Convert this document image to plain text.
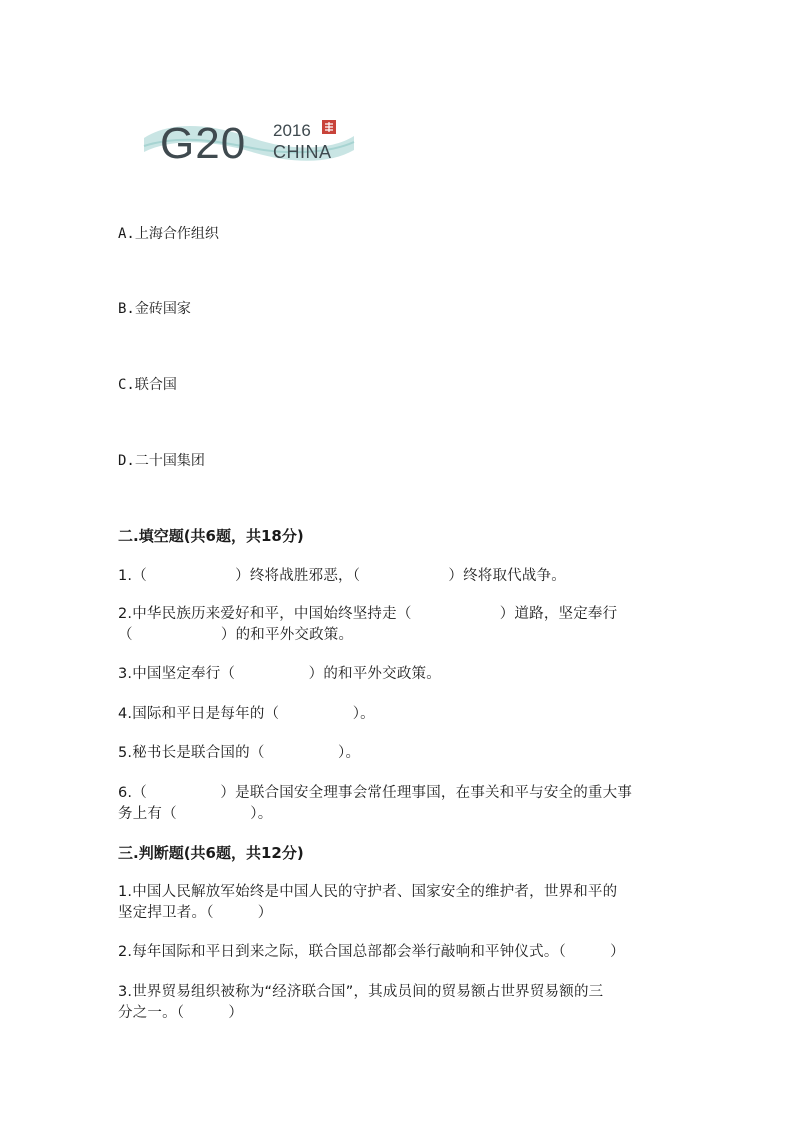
G20 2016
CHINA
A.上海合作组织
B.金砖国家
C.联合国
D.二十国集团
二.填空题(共6题，共18分)
1.（　　　　　　）终将战胜邪恶，（　　　　　　）终将取代战争。
2.中华民族历来爱好和平，中国始终坚持走（　　　　　　）道路，坚定奉行
（　　　　　　）的和平外交政策。
3.中国坚定奉行（　　　　　）的和平外交政策。
4.国际和平日是每年的（　　　　　）。
5.秘书长是联合国的（　　　　　）。
6.（　　　　　）是联合国安全理事会常任理事国，在事关和平与安全的重大事
务上有（　　　　　）。
三.判断题(共6题，共12分)
1.中国人民解放军始终是中国人民的守护者、国家安全的维护者，世界和平的
坚定捍卫者。（　　　）
2.每年国际和平日到来之际，联合国总部都会举行敲响和平钟仪式。（　　　）
3.世界贸易组织被称为“经济联合国”，其成员间的贸易额占世界贸易额的三
分之一。（　　　）
